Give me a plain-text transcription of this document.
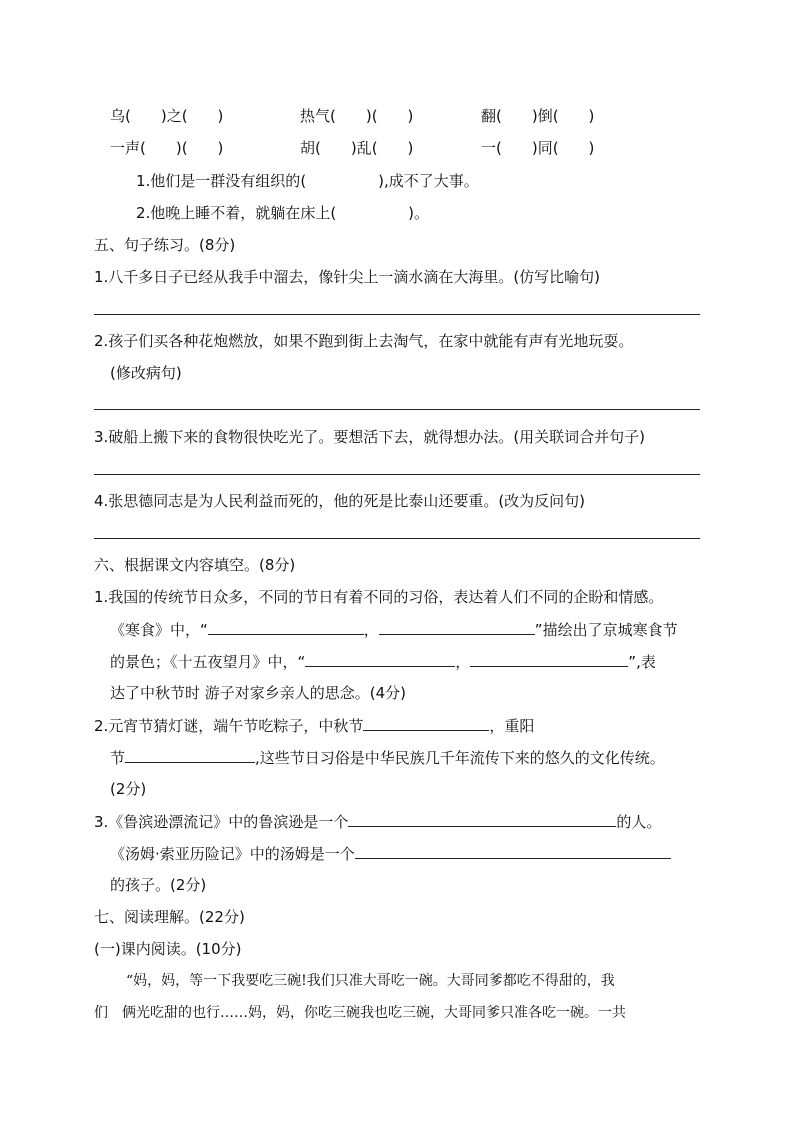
乌(　　)之(　　)	热气(　　)(　　)	翻(　　)倒(　　)
一声(　　)(　　)	胡(　　)乱(　　)	一(　　)同(　　)
1.他们是一群没有组织的(	),成不了大事。
2.他晚上睡不着，就躺在床上(	)。
五、句子练习。(8分)
1.八千多日子已经从我手中溜去，像针尖上一滴水滴在大海里。(仿写比喻句)
2.孩子们买各种花炮燃放，如果不跑到街上去淘气，在家中就能有声有光地玩耍。
(修改病句)
3.破船上搬下来的食物很快吃光了。要想活下去，就得想办法。(用关联词合并句子)
4.张思德同志是为人民利益而死的，他的死是比泰山还要重。(改为反问句)
六、根据课文内容填空。(8分)
1.我国的传统节日众多，不同的节日有着不同的习俗，表达着人们不同的企盼和情感。
《寒食》中，“	，	”描绘出了京城寒食节
的景色；《十五夜望月》中，“	，	”,表
达了中秋节时 游子对家乡亲人的思念。(4分)
2.元宵节猜灯谜，端午节吃粽子，中秋节	，重阳
节	,这些节日习俗是中华民族几千年流传下来的悠久的文化传统。
(2分)
3.《鲁滨逊漂流记》中的鲁滨逊是一个	的人。
《汤姆·索亚历险记》中的汤姆是一个
的孩子。(2分)
七、阅读理解。(22分)
(一)课内阅读。(10分)
“妈，妈，等一下我要吃三碗!我们只准大哥吃一碗。大哥同爹都吃不得甜的，我
们　俩光吃甜的也行……妈，妈，你吃三碗我也吃三碗，大哥同爹只准各吃一碗。一共
